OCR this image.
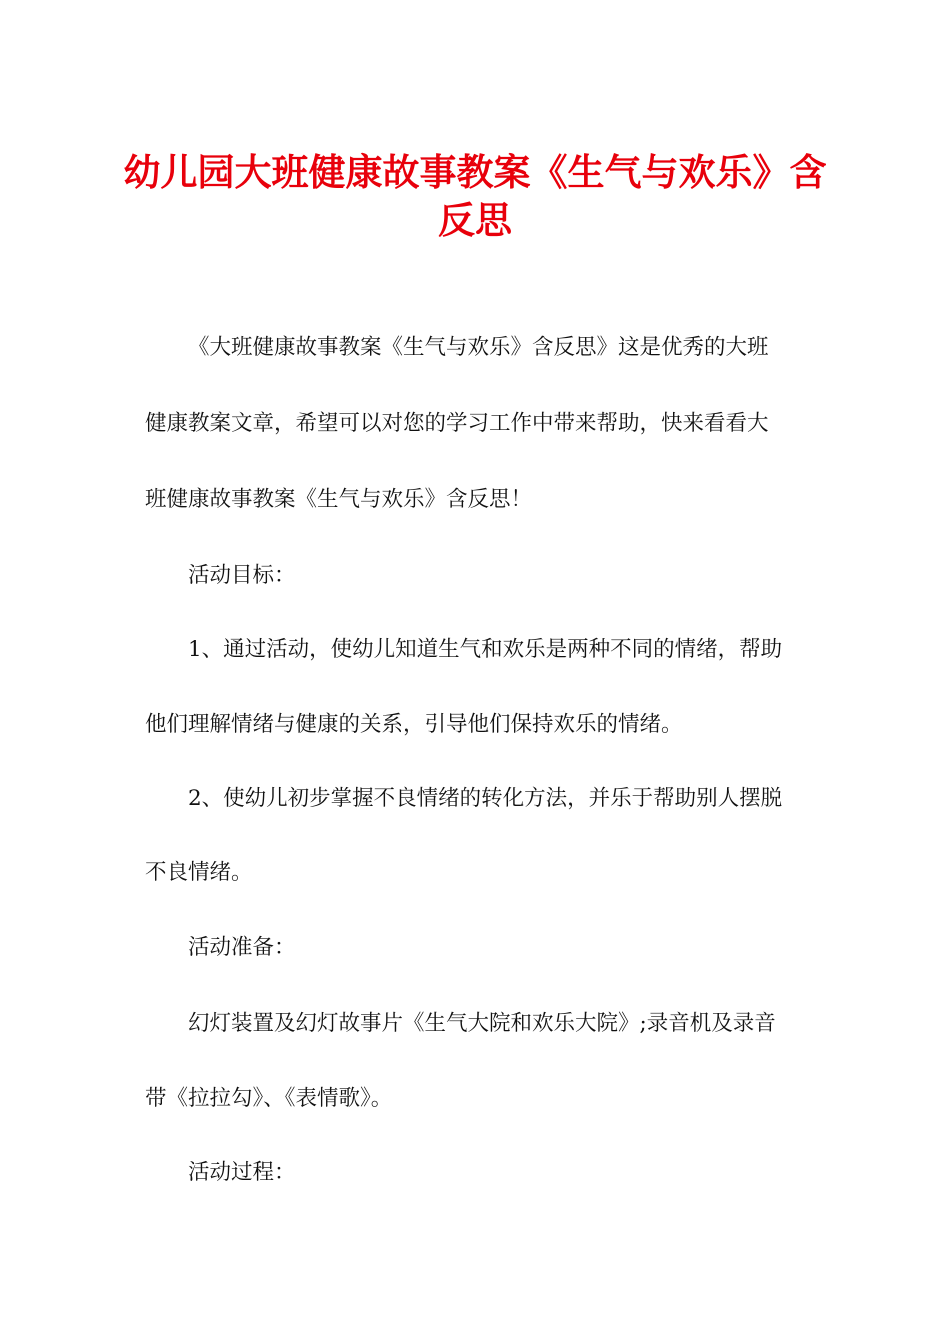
幼儿园大班健康故事教案《生气与欢乐》含
反思
《大班健康故事教案《生气与欢乐》含反思》这是优秀的大班
健康教案文章，希望可以对您的学习工作中带来帮助，快来看看大
班健康故事教案《生气与欢乐》含反思！
活动目标：
1、通过活动，使幼儿知道生气和欢乐是两种不同的情绪，帮助
他们理解情绪与健康的关系，引导他们保持欢乐的情绪。
2、使幼儿初步掌握不良情绪的转化方法，并乐于帮助别人摆脱
不良情绪。
活动准备：
幻灯装置及幻灯故事片《生气大院和欢乐大院》;录音机及录音
带《拉拉勾》、《表情歌》。
活动过程：
